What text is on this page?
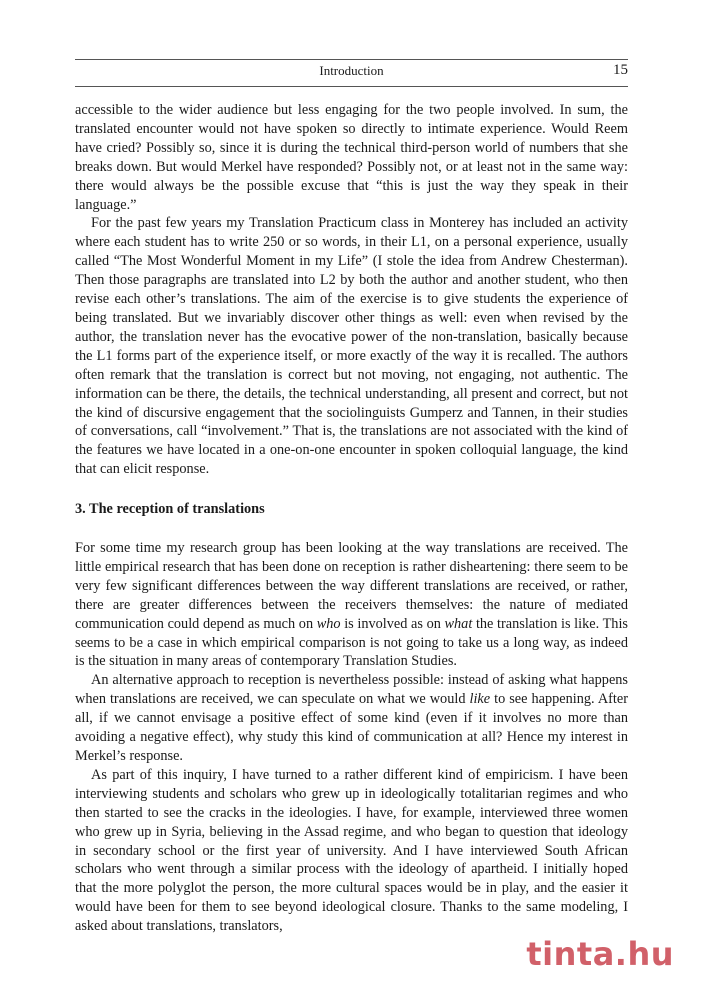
Introduction	15

accessible to the wider audience but less engaging for the two people involved. In sum, the translated encounter would not have spoken so directly to intimate experience. Would Reem have cried? Possibly so, since it is during the technical third-person world of numbers that she breaks down. But would Merkel have responded? Possibly not, or at least not in the same way: there would always be the possible excuse that “this is just the way they speak in their language.”

For the past few years my Translation Practicum class in Monterey has included an activity where each student has to write 250 or so words, in their L1, on a personal experience, usually called “The Most Wonderful Moment in my Life” (I stole the idea from Andrew Chesterman). Then those paragraphs are translated into L2 by both the author and another student, who then revise each other’s translations. The aim of the exercise is to give students the experience of being translated. But we invariably discover other things as well: even when revised by the author, the translation never has the evocative power of the non-translation, basically because the L1 forms part of the experience itself, or more exactly of the way it is recalled. The authors often remark that the translation is correct but not moving, not engaging, not authentic. The information can be there, the details, the technical understanding, all present and correct, but not the kind of discursive engagement that the sociolinguists Gumperz and Tannen, in their studies of conversations, call “involvement.” That is, the translations are not associated with the kind of the features we have located in a one-on-one encounter in spoken colloquial language, the kind that can elicit response.

3. The reception of translations

For some time my research group has been looking at the way translations are received. The little empirical research that has been done on reception is rather disheartening: there seem to be very few significant differences between the way different translations are received, or rather, there are greater differences between the receivers themselves: the nature of mediated communication could depend as much on who is involved as on what the translation is like. This seems to be a case in which empirical comparison is not going to take us a long way, as indeed is the situation in many areas of contemporary Translation Studies.

An alternative approach to reception is nevertheless possible: instead of asking what happens when translations are received, we can speculate on what we would like to see happening. After all, if we cannot envisage a positive effect of some kind (even if it involves no more than avoiding a negative effect), why study this kind of communication at all? Hence my interest in Merkel’s response.

As part of this inquiry, I have turned to a rather different kind of empiricism. I have been interviewing students and scholars who grew up in ideologically totalitarian regimes and who then started to see the cracks in the ideologies. I have, for example, interviewed three women who grew up in Syria, believing in the Assad regime, and who began to question that ideology in secondary school or the first year of university. And I have interviewed South African scholars who went through a similar process with the ideology of apartheid. I initially hoped that the more polyglot the person, the more cultural spaces would be in play, and the easier it would have been for them to see beyond ideological closure. Thanks to the same modeling, I asked about translations, translators,

tinta.hu
